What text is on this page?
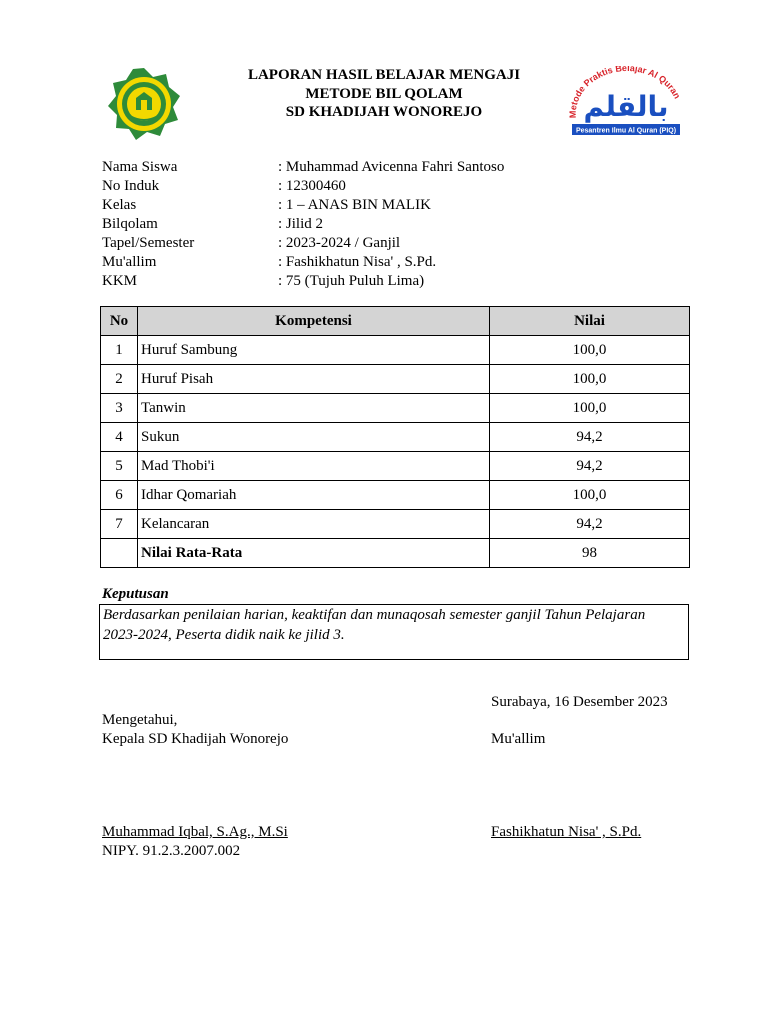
LAPORAN HASIL BELAJAR MENGAJI
METODE BIL QOLAM
SD KHADIJAH WONOREJO	Metode Praktis Belajar Al Quran
بالقلم
Pesantren Ilmu Al Quran (PIQ)
Nama Siswa	: Muhammad Avicenna Fahri Santoso
No Induk	: 12300460
Kelas	: 1 – ANAS BIN MALIK
Bilqolam	: Jilid 2
Tapel/Semester	: 2023-2024 / Ganjil
Mu'allim	: Fashikhatun Nisa' , S.Pd.
KKM	: 75 (Tujuh Puluh Lima)
No	Kompetensi	Nilai
1	Huruf Sambung	100,0
2	Huruf Pisah	100,0
3	Tanwin	100,0
4	Sukun	94,2
5	Mad Thobi'i	94,2
6	Idhar Qomariah	100,0
7	Kelancaran	94,2
	Nilai Rata-Rata	98
Keputusan
Berdasarkan penilaian harian, keaktifan dan munaqosah semester ganjil Tahun Pelajaran
2023-2024, Peserta didik naik ke jilid 3.
Surabaya, 16 Desember 2023
Mengetahui,
Kepala SD Khadijah Wonorejo	Mu'allim
Muhammad Iqbal, S.Ag., M.Si
NIPY. 91.2.3.2007.002
Fashikhatun Nisa' , S.Pd.
